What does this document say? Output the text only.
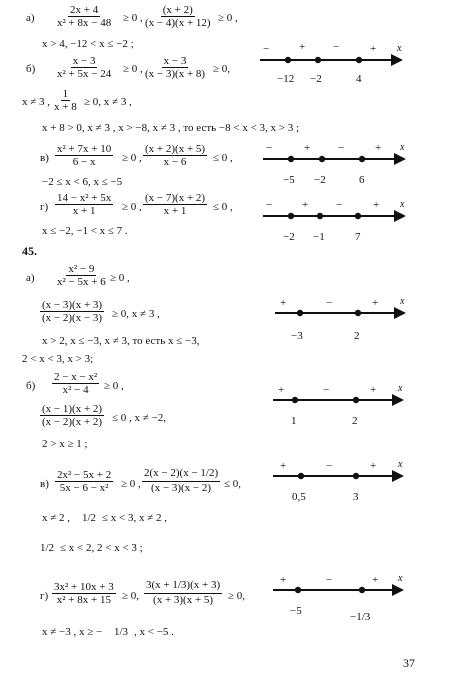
$а) \frac{2x + 4}{\text{x² + 8x − 48}} \ge 0$ , $\frac{(x + 2)}{(x - 4)(x + 12)} \ge 0$ ,
x > 4, −12 < x ≤ −2 ;	−	+	−	+ x
−12 −2	4
$б) \frac{x - 3}{\text{x² + 5x − 24}} \ge 0$ , $\frac{x - 3}{(x - 3)(x + 8)} \ge 0$,
x ≠ 3 , $\frac{1}{x + 8} \ge 0$, x ≠ 3 ,
x + 8 > 0, x ≠ 3 , x > −8, x ≠ 3 , то есть −8 < x < 3, x > 3 ;
$в) \frac{\text{x² + 7x + 10}}{6 - x} \ge 0$ , $\frac{(x + 2)(x + 5)}{x - 6} \le 0$ ,
−2 ≤ x < 6, x ≤ −5
−	+	−	+ x
−5 −2	6
$г) \frac{\text{14 − x² + 5x}}{x + 1} \ge 0$ , $\frac{(x - 7)(x + 2)}{x + 1} \le 0$ ,
x ≤ −2, −1 < x ≤ 7 .
−	+	−	+ x
−2 −1	7
45.
$а) \frac{\text{x² − 9}}{\text{x² − 5x + 6}} \ge 0$ ,
$\frac{(x - 3)(x + 3)}{(x - 2)(x - 3)} \ge 0$, x ≠ 3 ,
x > 2, x ≤ −3, x ≠ 3, то есть x ≤ −3,
2 < x < 3, x > 3;
+	−	+ x
−3	2
$б) \frac{\text{2 − x − x²}}{\text{x² − 4}} \ge 0$ ,
$\frac{(x - 1)(x + 2)}{(x - 2)(x + 2)} \le 0$ , x ≠ −2,
2 > x ≥ 1 ;
+	−	+ x
1	2
$в) \frac{\text{2x² − 5x + 2}}{\text{5x − 6 − x²}} \ge 0$ , $\frac{2(x - 2)(x - 1/2)}{(x - 3)(x - 2)} \le 0$,
x ≠ 2 , 1/2 ≤ x < 3, x ≠ 2 ,
1/2 ≤ x < 2, 2 < x < 3 ;
+	−	+ x
0,5	3
$г) \frac{\text{3x² + 10x + 3}}{\text{x² + 8x + 15}} \ge 0$, $\frac{3(x + 1/3)(x + 3)}{(x + 3)(x + 5)} \ge 0$,
x ≠ −3 , x ≥ − 1/3 , x < −5 .
+	−	+ x
−5	−1/3
37
